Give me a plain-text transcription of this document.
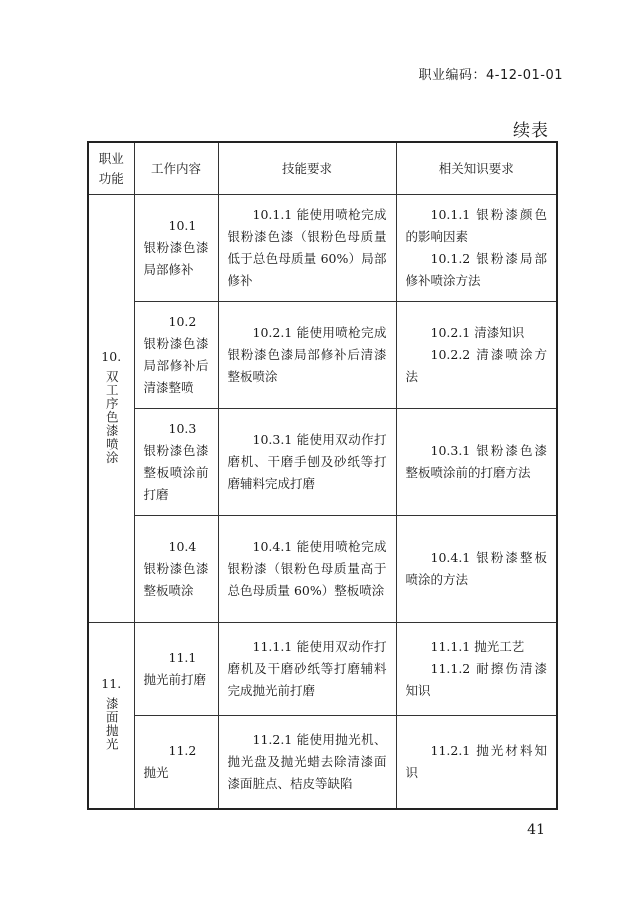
职业编码：4-12-01-01
续表
职业功能	工作内容	技能要求	相关知识要求

10.
双工序色漆喷涂	10.1 银粉漆色漆局部修补	10.1.1 能使用喷枪完成银粉漆色漆（银粉色母质量低于总色母质量 60%）局部修补	10.1.1 银粉漆颜色的影响因素
10.1.2 银粉漆局部修补喷涂方法

	10.2 银粉漆色漆局部修补后清漆整喷	10.2.1 能使用喷枪完成银粉漆色漆局部修补后清漆整板喷涂	10.2.1 清漆知识
10.2.2 清漆喷涂方法

	10.3 银粉漆色漆整板喷涂前打磨	10.3.1 能使用双动作打磨机、干磨手刨及砂纸等打磨辅料完成打磨	10.3.1 银粉漆色漆整板喷涂前的打磨方法

	10.4 银粉漆色漆整板喷涂	10.4.1 能使用喷枪完成银粉漆（银粉色母质量高于总色母质量 60%）整板喷涂	10.4.1 银粉漆整板喷涂的方法

11.
漆面抛光	11.1 抛光前打磨	11.1.1 能使用双动作打磨机及干磨砂纸等打磨辅料完成抛光前打磨	11.1.1 抛光工艺
11.1.2 耐擦伤清漆知识

	11.2 抛光	11.2.1 能使用抛光机、抛光盘及抛光蜡去除清漆面漆面脏点、桔皮等缺陷	11.2.1 抛光材料知识
41
